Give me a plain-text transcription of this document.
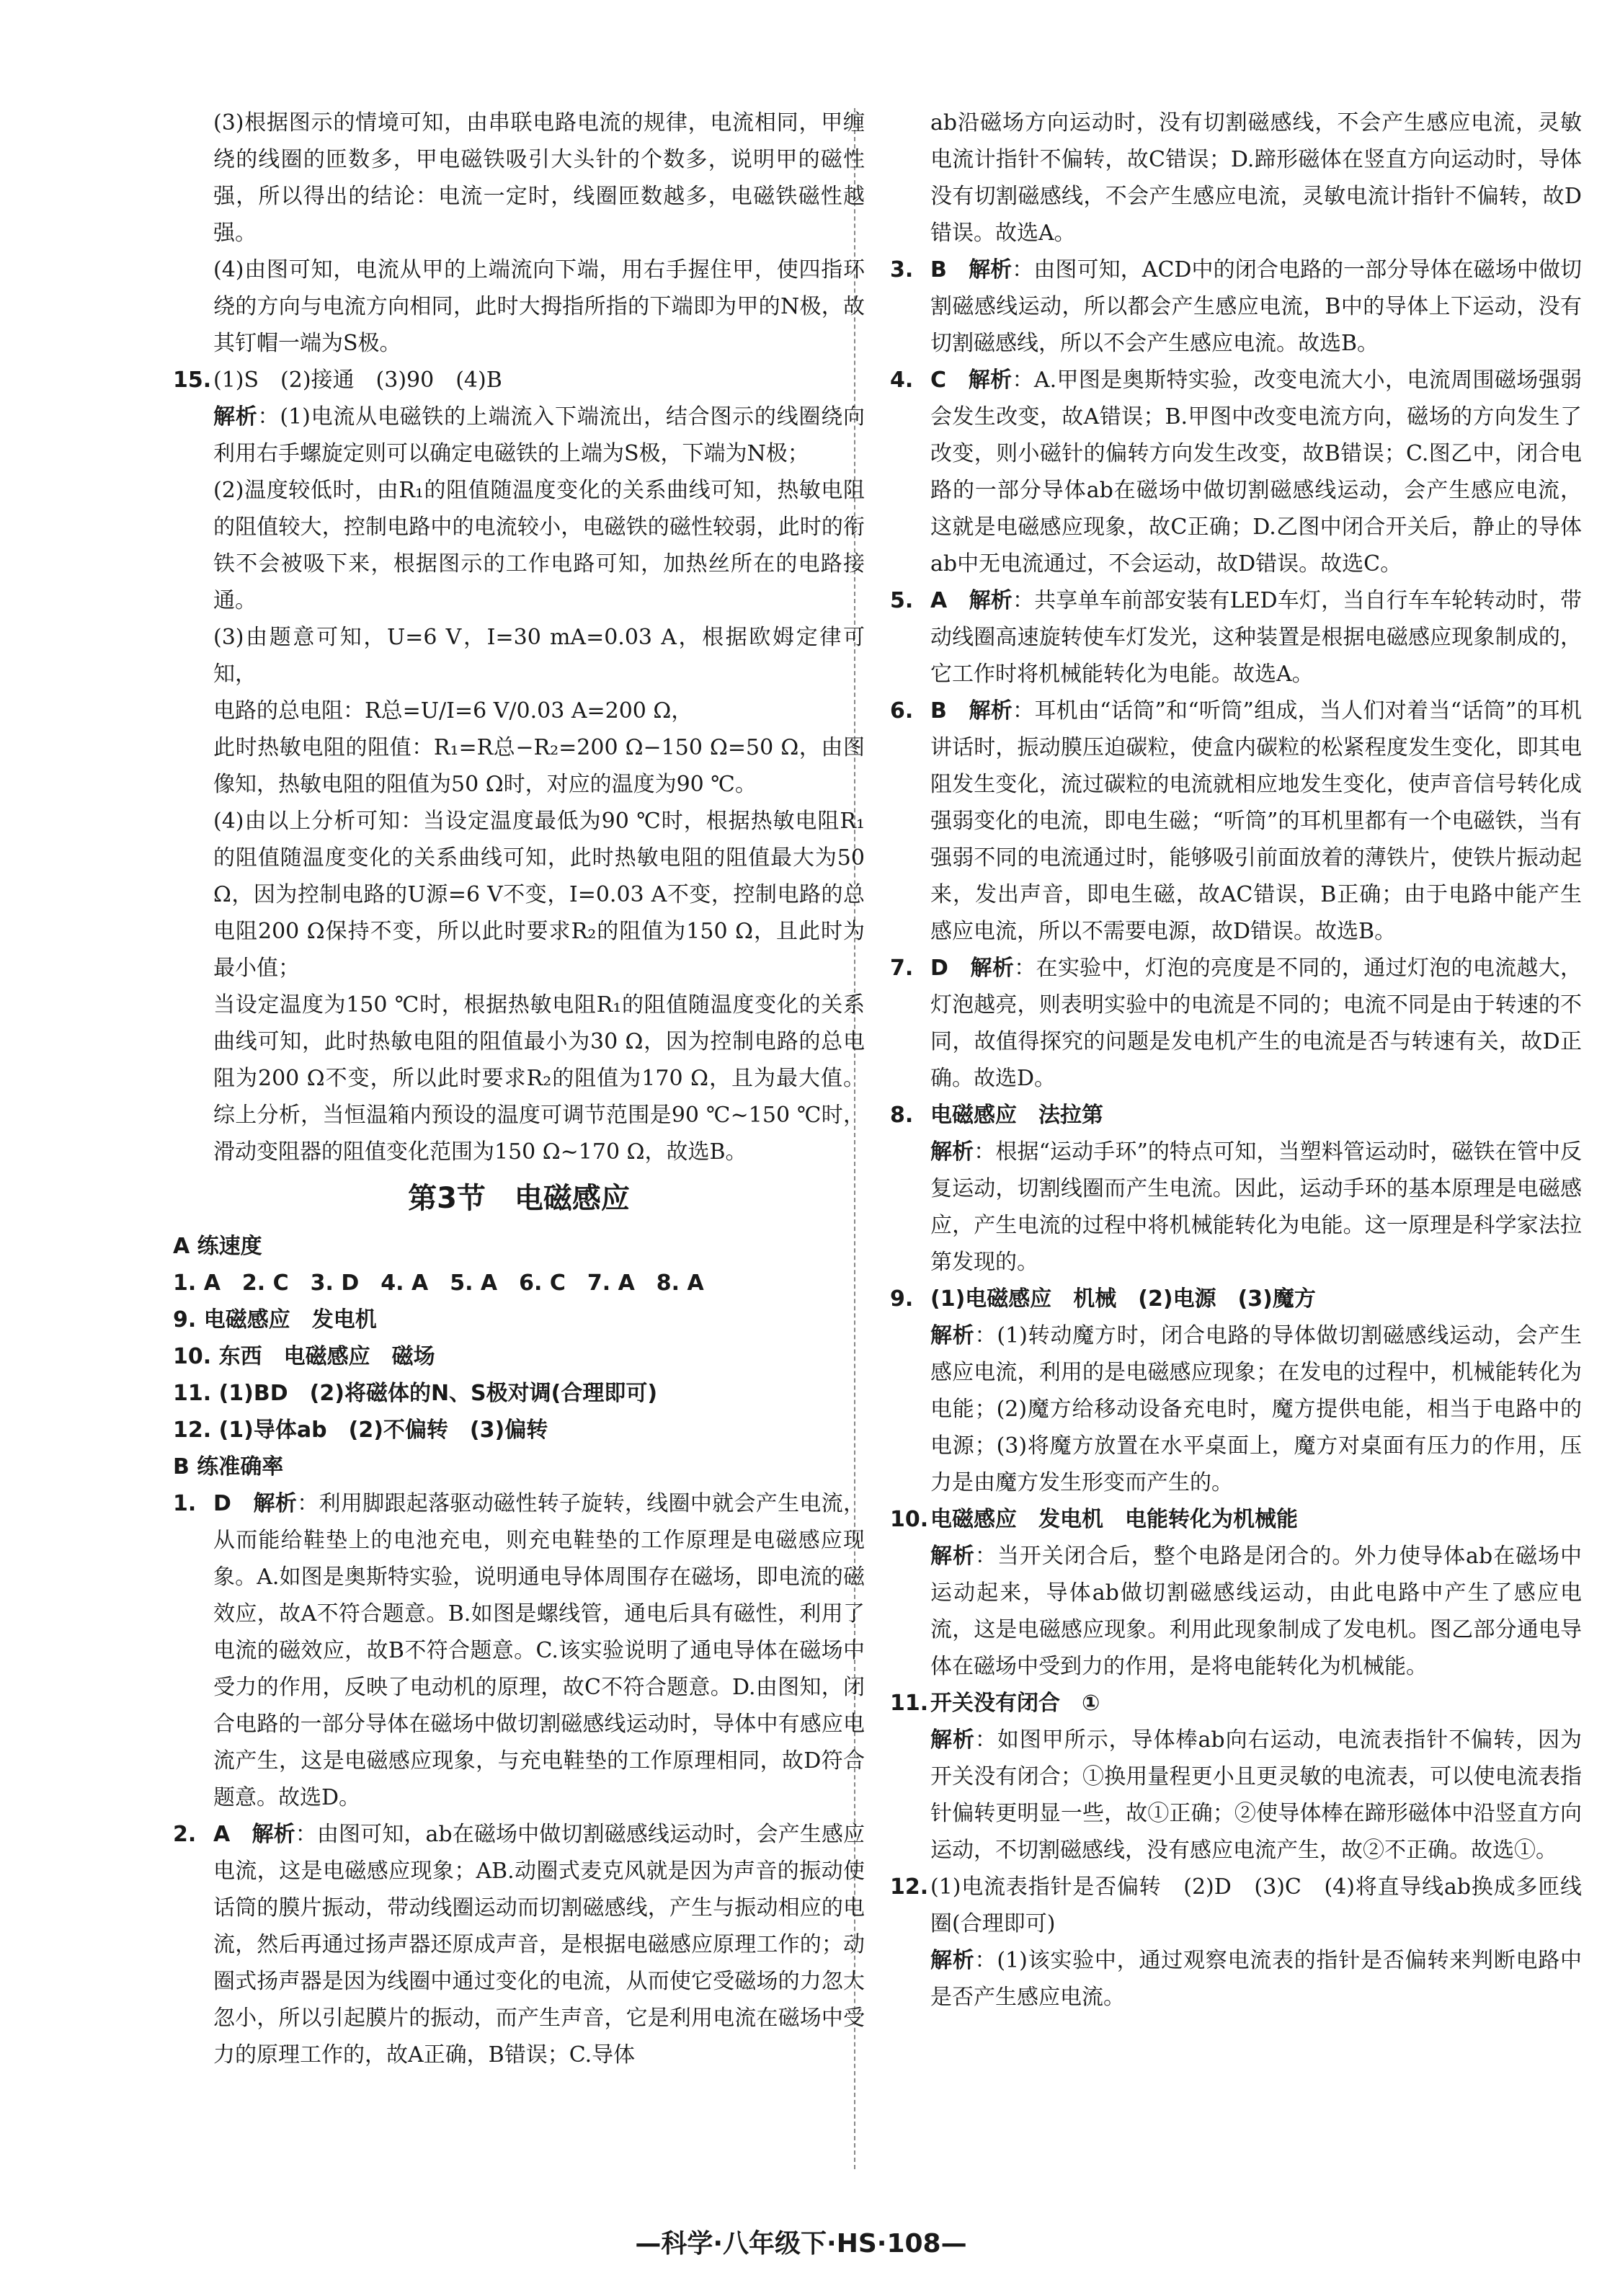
(3)根据图示的情境可知，由串联电路电流的规律，电流相同，甲缠绕的线圈的匝数多，甲电磁铁吸引大头针的个数多，说明甲的磁性强，所以得出的结论：电流一定时，线圈匝数越多，电磁铁磁性越强。

(4)由图可知，电流从甲的上端流向下端，用右手握住甲，使四指环绕的方向与电流方向相同，此时大拇指所指的下端即为甲的N极，故其钉帽一端为S极。

15. (1)S　(2)接通　(3)90　(4)B

解析：(1)电流从电磁铁的上端流入下端流出，结合图示的线圈绕向利用右手螺旋定则可以确定电磁铁的上端为S极，下端为N极；

(2)温度较低时，由R₁的阻值随温度变化的关系曲线可知，热敏电阻的阻值较大，控制电路中的电流较小，电磁铁的磁性较弱，此时的衔铁不会被吸下来，根据图示的工作电路可知，加热丝所在的电路接通。

(3)由题意可知，U=6 V，I=30 mA=0.03 A，根据欧姆定律可知，

电路的总电阻：R总=U/I=6 V/0.03 A=200 Ω，

此时热敏电阻的阻值：R₁=R总−R₂=200 Ω−150 Ω=50 Ω，由图像知，热敏电阻的阻值为50 Ω时，对应的温度为90 ℃。

(4)由以上分析可知：当设定温度最低为90 ℃时，根据热敏电阻R₁的阻值随温度变化的关系曲线可知，此时热敏电阻的阻值最大为50 Ω，因为控制电路的U源=6 V不变，I=0.03 A不变，控制电路的总电阻200 Ω保持不变，所以此时要求R₂的阻值为150 Ω，且此时为最小值；

当设定温度为150 ℃时，根据热敏电阻R₁的阻值随温度变化的关系曲线可知，此时热敏电阻的阻值最小为30 Ω，因为控制电路的总电阻为200 Ω不变，所以此时要求R₂的阻值为170 Ω，且为最大值。综上分析，当恒温箱内预设的温度可调节范围是90 ℃~150 ℃时，滑动变阻器的阻值变化范围为150 Ω~170 Ω，故选B。

第3节　电磁感应

A 练速度

1. A　2. C　3. D　4. A　5. A　6. C　7. A　8. A

9. 电磁感应　发电机

10. 东西　电磁感应　磁场

11. (1)BD　(2)将磁体的N、S极对调(合理即可)

12. (1)导体ab　(2)不偏转　(3)偏转

B 练准确率

1. D　 解析：利用脚跟起落驱动磁性转子旋转，线圈中就会产生电流，从而能给鞋垫上的电池充电，则充电鞋垫的工作原理是电磁感应现象。A.如图是奥斯特实验，说明通电导体周围存在磁场，即电流的磁效应，故A不符合题意。B.如图是螺线管，通电后具有磁性，利用了电流的磁效应，故B不符合题意。C.该实验说明了通电导体在磁场中受力的作用，反映了电动机的原理，故C不符合题意。D.由图知，闭合电路的一部分导体在磁场中做切割磁感线运动时，导体中有感应电流产生，这是电磁感应现象，与充电鞋垫的工作原理相同，故D符合题意。故选D。
2. A　 解析：由图可知，ab在磁场中做切割磁感线运动时，会产生感应电流，这是电磁感应现象；AB.动圈式麦克风就是因为声音的振动使话筒的膜片振动，带动线圈运动而切割磁感线，产生与振动相应的电流，然后再通过扬声器还原成声音，是根据电磁感应原理工作的；动圈式扬声器是因为线圈中通过变化的电流，从而使它受磁场的力忽大忽小，所以引起膜片的振动，而产生声音，它是利用电流在磁场中受力的原理工作的，故A正确，B错误；C.导体

ab沿磁场方向运动时，没有切割磁感线，不会产生感应电流，灵敏电流计指针不偏转，故C错误；D.蹄形磁体在竖直方向运动时，导体没有切割磁感线，不会产生感应电流，灵敏电流计指针不偏转，故D错误。故选A。

3. B　 解析：由图可知，ACD中的闭合电路的一部分导体在磁场中做切割磁感线运动，所以都会产生感应电流，B中的导体上下运动，没有切割磁感线，所以不会产生感应电流。故选B。
4. C　 解析：A.甲图是奥斯特实验，改变电流大小，电流周围磁场强弱会发生改变，故A错误；B.甲图中改变电流方向，磁场的方向发生了改变，则小磁针的偏转方向发生改变，故B错误；C.图乙中，闭合电路的一部分导体ab在磁场中做切割磁感线运动，会产生感应电流，这就是电磁感应现象，故C正确；D.乙图中闭合开关后，静止的导体ab中无电流通过，不会运动，故D错误。故选C。
5. A　 解析：共享单车前部安装有LED车灯，当自行车车轮转动时，带动线圈高速旋转使车灯发光，这种装置是根据电磁感应现象制成的，它工作时将机械能转化为电能。故选A。
6. B　 解析：耳机由“话筒”和“听筒”组成，当人们对着当“话筒”的耳机讲话时，振动膜压迫碳粒，使盒内碳粒的松紧程度发生变化，即其电阻发生变化，流过碳粒的电流就相应地发生变化，使声音信号转化成强弱变化的电流，即电生磁；“听筒”的耳机里都有一个电磁铁，当有强弱不同的电流通过时，能够吸引前面放着的薄铁片，使铁片振动起来，发出声音，即电生磁，故AC错误，B正确；由于电路中能产生感应电流，所以不需要电源，故D错误。故选B。
7. D　 解析：在实验中，灯泡的亮度是不同的，通过灯泡的电流越大，灯泡越亮，则表明实验中的电流是不同的；电流不同是由于转速的不同，故值得探究的问题是发电机产生的电流是否与转速有关，故D正确。故选D。
8. 电磁感应　法拉第

解析：根据“运动手环”的特点可知，当塑料管运动时，磁铁在管中反复运动，切割线圈而产生电流。因此，运动手环的基本原理是电磁感应，产生电流的过程中将机械能转化为电能。这一原理是科学家法拉第发现的。

9. (1)电磁感应　机械　(2)电源　(3)魔方

解析：(1)转动魔方时，闭合电路的导体做切割磁感线运动，会产生感应电流，利用的是电磁感应现象；在发电的过程中，机械能转化为电能；(2)魔方给移动设备充电时，魔方提供电能，相当于电路中的电源；(3)将魔方放置在水平桌面上，魔方对桌面有压力的作用，压力是由魔方发生形变而产生的。

10. 电磁感应　发电机　电能转化为机械能

解析：当开关闭合后，整个电路是闭合的。外力使导体ab在磁场中运动起来，导体ab做切割磁感线运动，由此电路中产生了感应电流，这是电磁感应现象。利用此现象制成了发电机。图乙部分通电导体在磁场中受到力的作用，是将电能转化为机械能。

11. 开关没有闭合　①

解析：如图甲所示，导体棒ab向右运动，电流表指针不偏转，因为开关没有闭合；①换用量程更小且更灵敏的电流表，可以使电流表指针偏转更明显一些，故①正确；②使导体棒在蹄形磁体中沿竖直方向运动，不切割磁感线，没有感应电流产生，故②不正确。故选①。

12. (1)电流表指针是否偏转　(2)D　(3)C　(4)将直导线ab换成多匝线圈(合理即可)

解析：(1)该实验中，通过观察电流表的指针是否偏转来判断电路中是否产生感应电流。

—科学·八年级下·HS·108—
